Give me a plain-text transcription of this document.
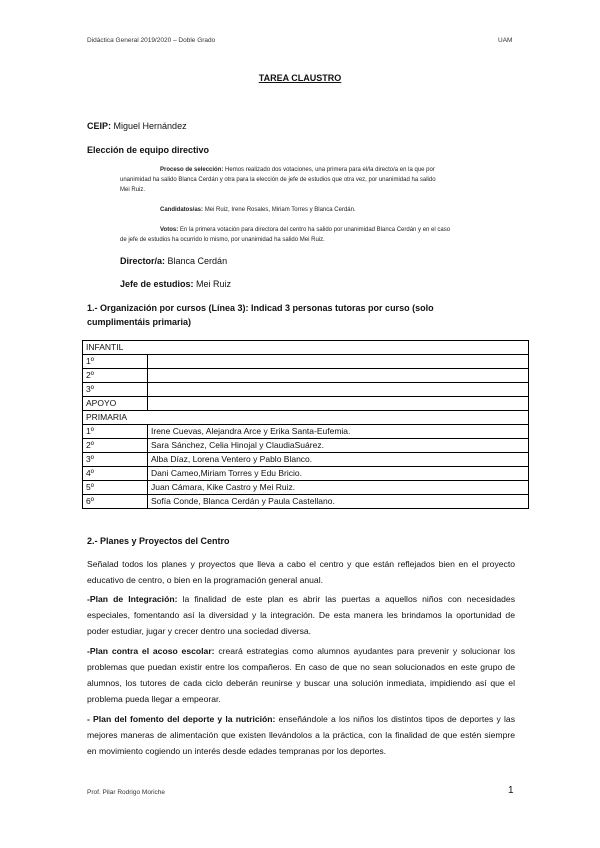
Didáctica General 2019/2020 – Doble Grado	UAM
TAREA CLAUSTRO
CEIP: Miguel Hernández
Elección de equipo directivo
Proceso de selección: Hemos realizado dos votaciones, una primera para el/la directo/a en la que por
unanimidad ha salido Blanca Cerdán y otra para la elección de jefe de estudios que otra vez, por unanimidad ha salido
Mei Ruiz.
Candidatos/as: Mei Ruiz, Irene Rosales, Miriam Torres y Blanca Cerdán.
Votos: En la primera votación para directora del centro ha salido por unanimidad Blanca Cerdán y en el caso
de jefe de estudios ha ocurrido lo mismo, por unanimidad ha salido Mei Ruiz.
Director/a: Blanca Cerdán
Jefe de estudios: Mei Ruiz
1.- Organización por cursos (Línea 3): Indicad 3 personas tutoras por curso (solo
cumplimentáis primaria)
INFANTIL	
1º	
2º	
3º	
APOYO	
PRIMARIA	
1º	Irene Cuevas, Alejandra Arce y Erika Santa-Eufemia.
2º	Sara Sánchez, Celia Hinojal y ClaudiaSuárez.
3º	Alba Díaz, Lorena Ventero y Pablo Blanco.
4º	Dani Cameo,Miriam Torres y Edu Bricio.
5º	Juan Cámara, Kike Castro y Mei Ruiz.
6º	Sofía Conde, Blanca Cerdán y Paula Castellano.
2.- Planes y Proyectos del Centro
Señalad todos los planes y proyectos que lleva a cabo el centro y que están reflejados bien en el proyecto educativo de centro, o bien en la programación general anual.
-Plan de Integración: la finalidad de este plan es abrir las puertas a aquellos niños con necesidades especiales, fomentando así la diversidad y la integración. De esta manera les brindamos la oportunidad de poder estudiar, jugar y crecer dentro una sociedad diversa.
-Plan contra el acoso escolar: creará estrategias como alumnos ayudantes para prevenir y solucionar los problemas que puedan existir entre los compañeros. En caso de que no sean solucionados en este grupo de alumnos, los tutores de cada ciclo deberán reunirse y buscar una solución inmediata, impidiendo así que el problema pueda llegar a empeorar.
- Plan del fomento del deporte y la nutrición: enseñándole a los niños los distintos tipos de deportes y las mejores maneras de alimentación que existen llevándolos a la práctica, con la finalidad de que estén siempre en movimiento cogiendo un interés desde edades tempranas por los deportes.
Prof. Pilar Rodrigo Moriche	1
